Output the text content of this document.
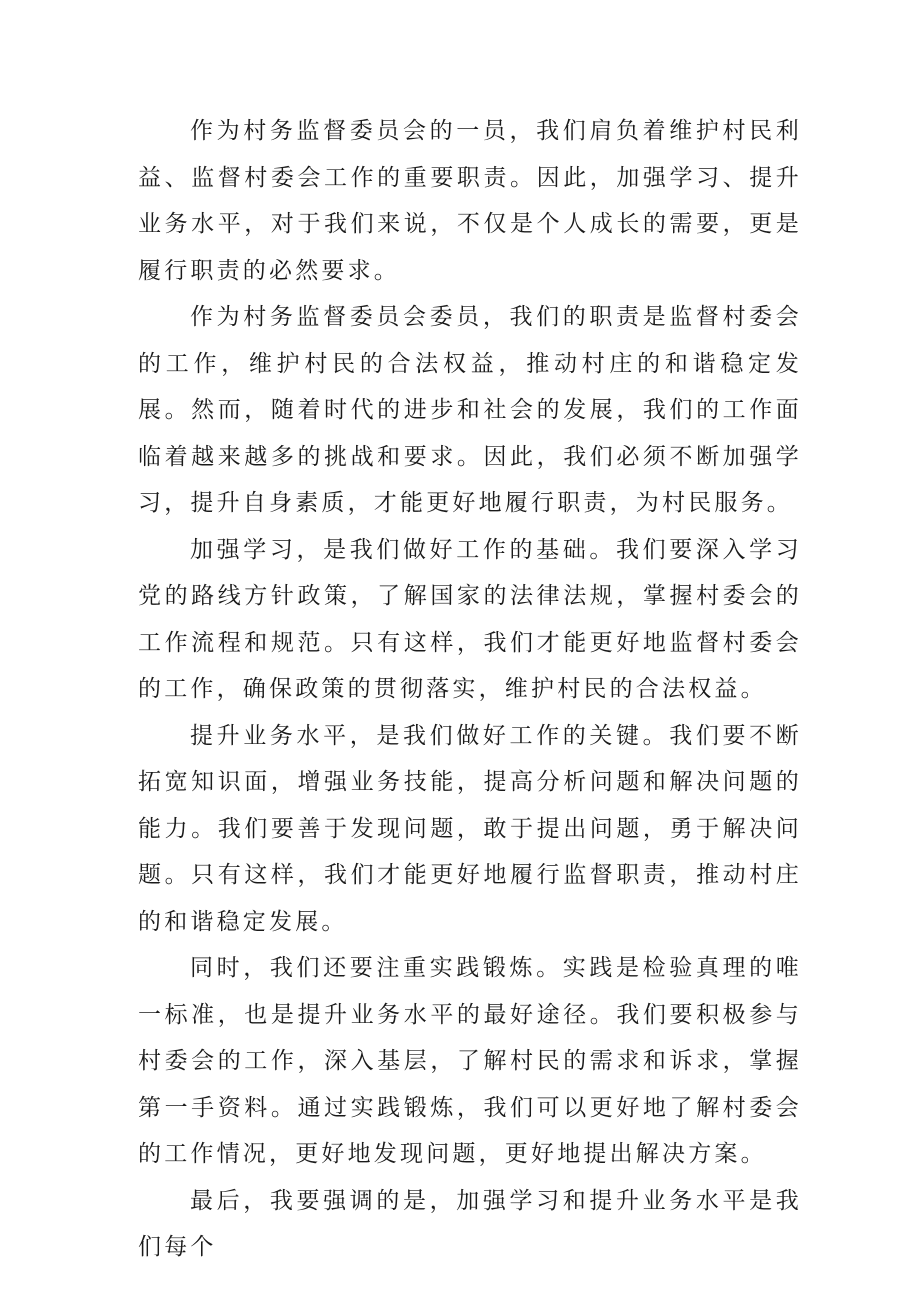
作为村务监督委员会的一员，我们肩负着维护村民利益、监督村委会工作的重要职责。因此，加强学习、提升业务水平，对于我们来说，不仅是个人成长的需要，更是履行职责的必然要求。

作为村务监督委员会委员，我们的职责是监督村委会的工作，维护村民的合法权益，推动村庄的和谐稳定发展。然而，随着时代的进步和社会的发展，我们的工作面临着越来越多的挑战和要求。因此，我们必须不断加强学习，提升自身素质，才能更好地履行职责，为村民服务。

加强学习，是我们做好工作的基础。我们要深入学习党的路线方针政策，了解国家的法律法规，掌握村委会的工作流程和规范。只有这样，我们才能更好地监督村委会的工作，确保政策的贯彻落实，维护村民的合法权益。

提升业务水平，是我们做好工作的关键。我们要不断拓宽知识面，增强业务技能，提高分析问题和解决问题的能力。我们要善于发现问题，敢于提出问题，勇于解决问题。只有这样，我们才能更好地履行监督职责，推动村庄的和谐稳定发展。

同时，我们还要注重实践锻炼。实践是检验真理的唯一标准，也是提升业务水平的最好途径。我们要积极参与村委会的工作，深入基层，了解村民的需求和诉求，掌握第一手资料。通过实践锻炼，我们可以更好地了解村委会的工作情况，更好地发现问题，更好地提出解决方案。

最后，我要强调的是，加强学习和提升业务水平是我们每个
